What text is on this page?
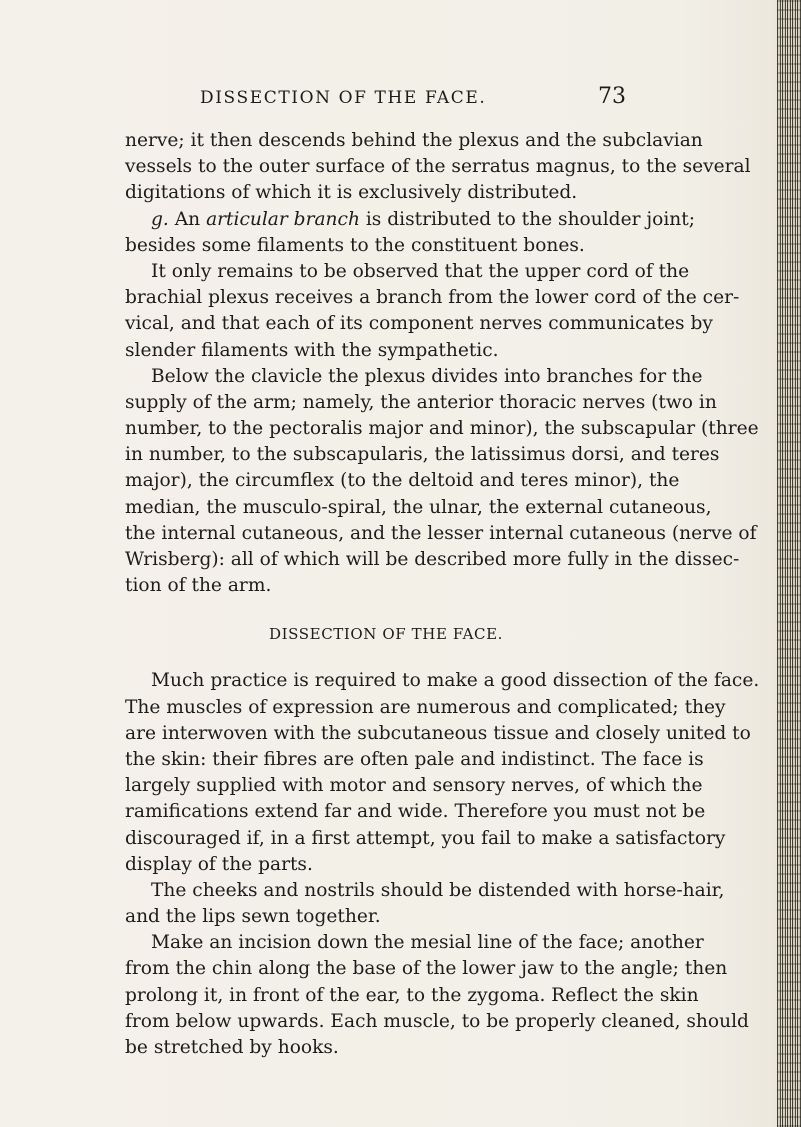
DISSECTION OF THE FACE.	73
nerve; it then descends behind the plexus and the subclavian
vessels to the outer surface of the serratus magnus, to the several
digitations of which it is exclusively distributed.
g. An articular branch is distributed to the shoulder joint;
besides some filaments to the constituent bones.
It only remains to be observed that the upper cord of the
brachial plexus receives a branch from the lower cord of the cer-
vical, and that each of its component nerves communicates by
slender filaments with the sympathetic.
Below the clavicle the plexus divides into branches for the
supply of the arm; namely, the anterior thoracic nerves (two in
number, to the pectoralis major and minor), the subscapular (three
in number, to the subscapularis, the latissimus dorsi, and teres
major), the circumflex (to the deltoid and teres minor), the
median, the musculo-spiral, the ulnar, the external cutaneous,
the internal cutaneous, and the lesser internal cutaneous (nerve of
Wrisberg): all of which will be described more fully in the dissec-
tion of the arm.
DISSECTION OF THE FACE.
Much practice is required to make a good dissection of the face.
The muscles of expression are numerous and complicated; they
are interwoven with the subcutaneous tissue and closely united to
the skin: their fibres are often pale and indistinct. The face is
largely supplied with motor and sensory nerves, of which the
ramifications extend far and wide. Therefore you must not be
discouraged if, in a first attempt, you fail to make a satisfactory
display of the parts.
The cheeks and nostrils should be distended with horse-hair,
and the lips sewn together.
Make an incision down the mesial line of the face; another
from the chin along the base of the lower jaw to the angle; then
prolong it, in front of the ear, to the zygoma. Reflect the skin
from below upwards. Each muscle, to be properly cleaned, should
be stretched by hooks.
